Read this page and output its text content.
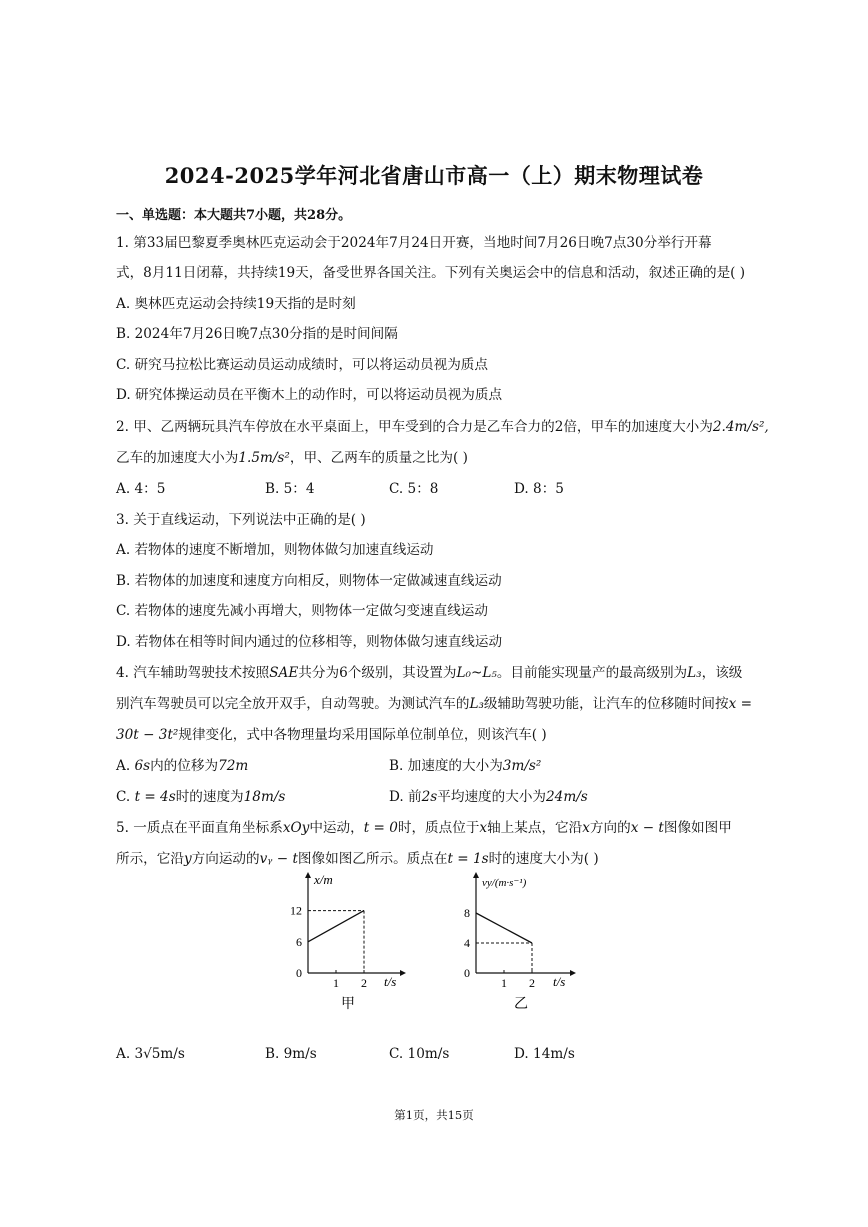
2024-2025学年河北省唐山市高一（上）期末物理试卷
一、单选题：本大题共7小题，共28分。
1. 第33届巴黎夏季奥林匹克运动会于2024年7月24日开赛，当地时间7月26日晚7点30分举行开幕
式，8月11日闭幕，共持续19天，备受世界各国关注。下列有关奥运会中的信息和活动，叙述正确的是( )
A. 奥林匹克运动会持续19天指的是时刻
B. 2024年7月26日晚7点30分指的是时间间隔
C. 研究马拉松比赛运动员运动成绩时，可以将运动员视为质点
D. 研究体操运动员在平衡木上的动作时，可以将运动员视为质点
2. 甲、乙两辆玩具汽车停放在水平桌面上，甲车受到的合力是乙车合力的2倍，甲车的加速度大小为2.4m/s²,
乙车的加速度大小为1.5m/s²，甲、乙两车的质量之比为( )
A. 4：5	B. 5：4	C. 5：8	D. 8：5
3. 关于直线运动，下列说法中正确的是( )
A. 若物体的速度不断增加，则物体做匀加速直线运动
B. 若物体的加速度和速度方向相反，则物体一定做减速直线运动
C. 若物体的速度先减小再增大，则物体一定做匀变速直线运动
D. 若物体在相等时间内通过的位移相等，则物体做匀速直线运动
4. 汽车辅助驾驶技术按照SAE共分为6个级别，其设置为L₀~L₅。目前能实现量产的最高级别为L₃，该级
别汽车驾驶员可以完全放开双手，自动驾驶。为测试汽车的L₃级辅助驾驶功能，让汽车的位移随时间按x =
30t − 3t²规律变化，式中各物理量均采用国际单位制单位，则该汽车( )
A. 6s内的位移为72m	B. 加速度的大小为3m/s²
C. t = 4s时的速度为18m/s	D. 前2s平均速度的大小为24m/s
5. 一质点在平面直角坐标系xOy中运动，t = 0时，质点位于x轴上某点，它沿x方向的x − t图像如图甲
所示，它沿y方向运动的vᵧ − t图像如图乙所示。质点在t = 1s时的速度大小为( )
x/m
t/s
甲
1 2
0
6
12
vy/(m·s⁻¹)
t/s
乙
1 2
0
4
8
A. 3√5m/s	B. 9m/s	C. 10m/s	D. 14m/s
第1页，共15页
